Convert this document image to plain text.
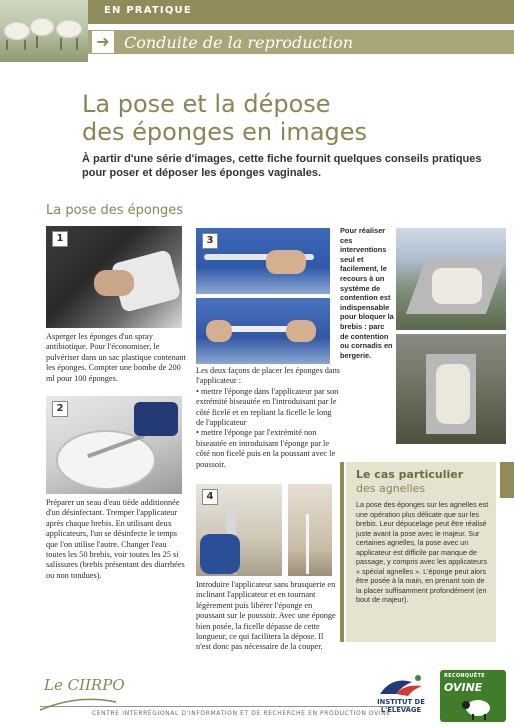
EN PRATIQUE
➜ Conduite de la reproduction
La pose et la dépose
des éponges en images
À partir d'une série d'images, cette fiche fournit quelques conseils pratiques pour poser et déposer les éponges vaginales.
La pose des éponges
1
Asperger les éponges d'un spray antibiotique. Pour l'économiser, le pulvériser dans un sac plastique contenant les éponges. Compter une bombe de 200 ml pour 100 éponges.
2
Préparer un seau d'eau tiède additionnée d'un désinfectant. Tremper l'applicateur après chaque brebis. En utilisant deux applicateurs, l'un se désinfecte le temps que l'on utilise l'autre. Changer l'eau toutes les 50 brebis, voir toutes les 25 si salissures (brebis présentant des diarrhées ou non tondues).
3
Les deux façons de placer les éponges dans l'applicateur :
• mettre l'éponge dans l'applicateur par son extrémité biseautée en l'introduisant par le côté ficelé et en repliant la ficelle le long de l'applicateur
• mettre l'éponge par l'extrémité non biseautée en introduisant l'éponge par le côté non ficelé puis en la poussant avec le poussoir.
4
Introduire l'applicateur sans brusquerie en inclinant l'applicateur et en tournant légèrement puis libérer l'éponge en poussant sur le poussoir. Avec une éponge bien posée, la ficelle dépasse de cette longueur, ce qui facilitera la dépose. Il n'est donc pas nécessaire de la couper.
Pour réaliser ces interventions seul et facilement, le recours à un système de contention est indispensable pour bloquer la brebis : parc de contention ou cornadis en bergerie.
Le cas particulier
des agnelles
La pose des éponges sur les agnelles est une opération plus délicate que sur les brebis. Leur dépucelage peut être réalisé juste avant la pose avec le majeur. Sur certaines agnelles, la pose avec un applicateur est difficile par manque de passage, y compris avec les applicateurs « spécial agnelles ». L'éponge peut alors être posée à la main, en prenant soin de la placer suffisamment profondément (en bout de majeur).
Le CIIRPO
CENTRE INTERRÉGIONAL D'INFORMATION ET DE RECHERCHE EN PRODUCTION OVINE
INSTITUT DE L'ELEVAGE
RECONQUÊTE
OVINE
